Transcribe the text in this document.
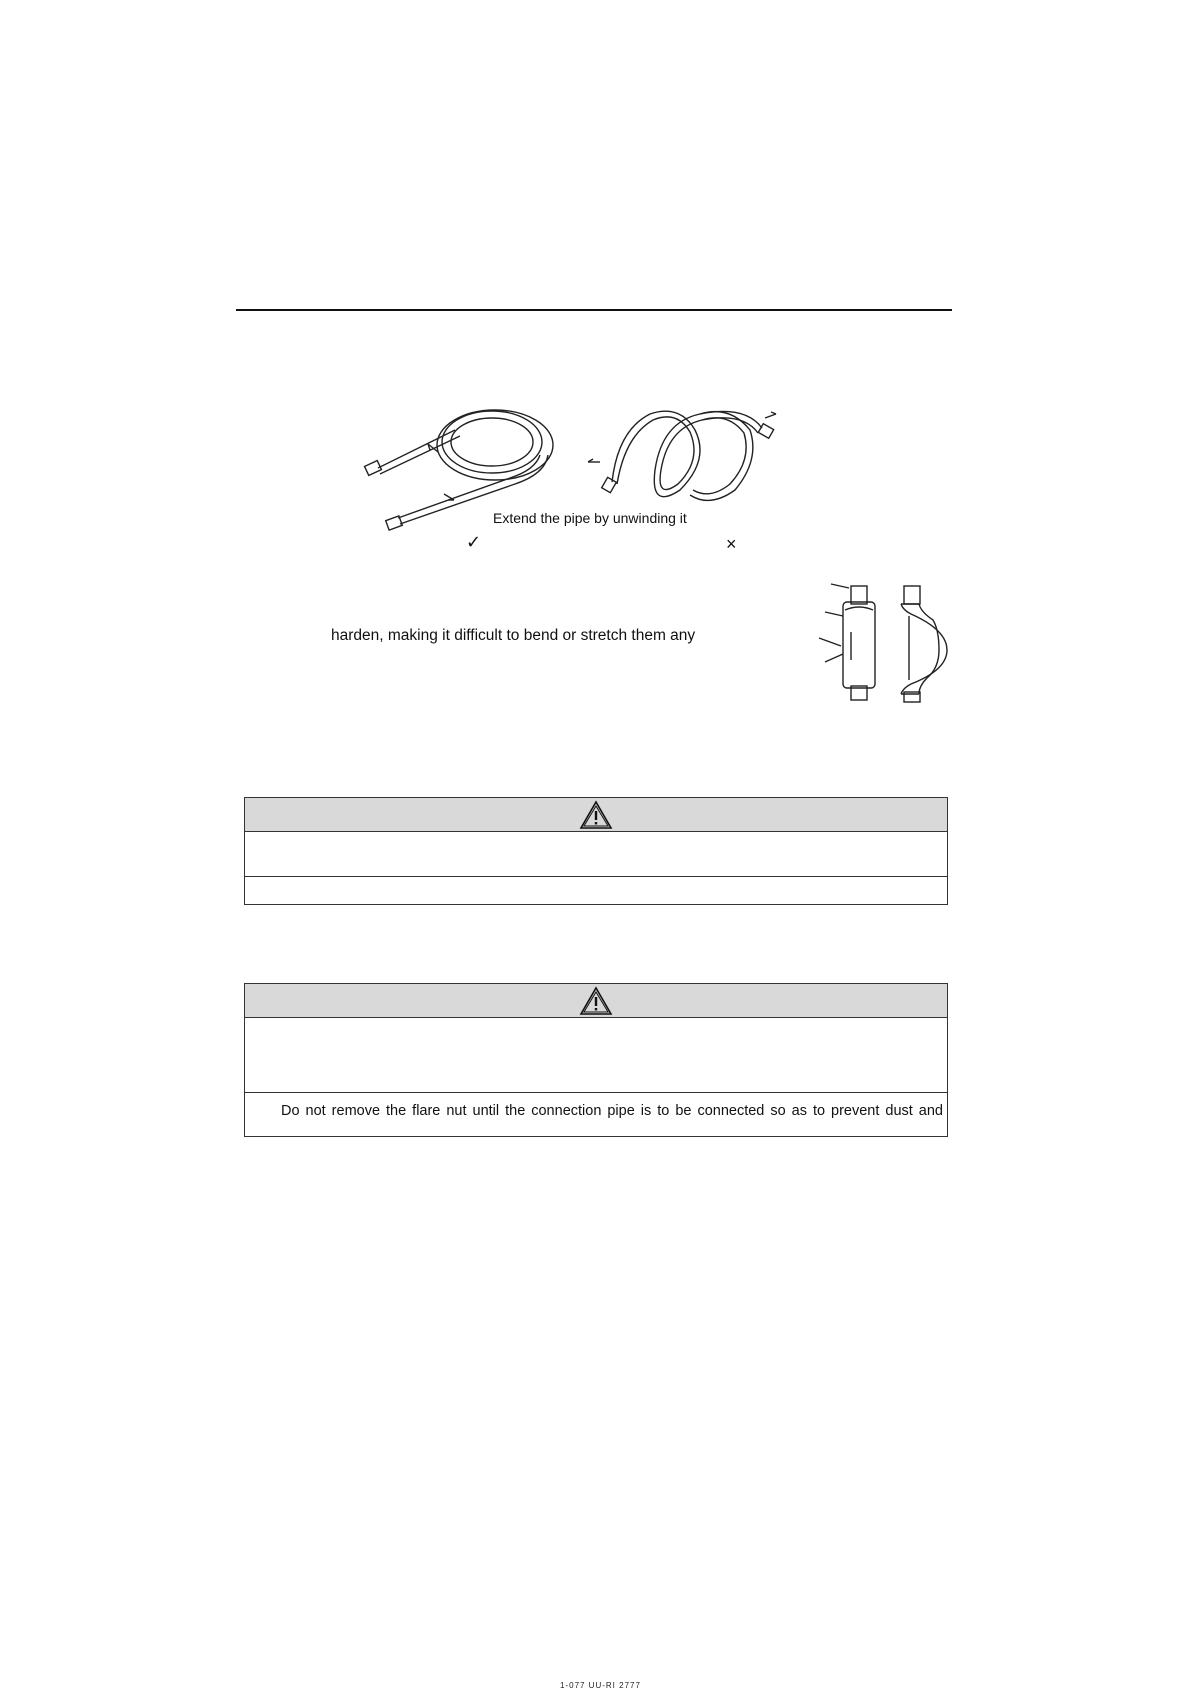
Extend the pipe by unwinding it
✓	×
harden, making it difficult to bend or stretch them any
Do not remove the flare nut until the connection pipe is to be connected so as to prevent dust and
1-077 UU-RI 2777
